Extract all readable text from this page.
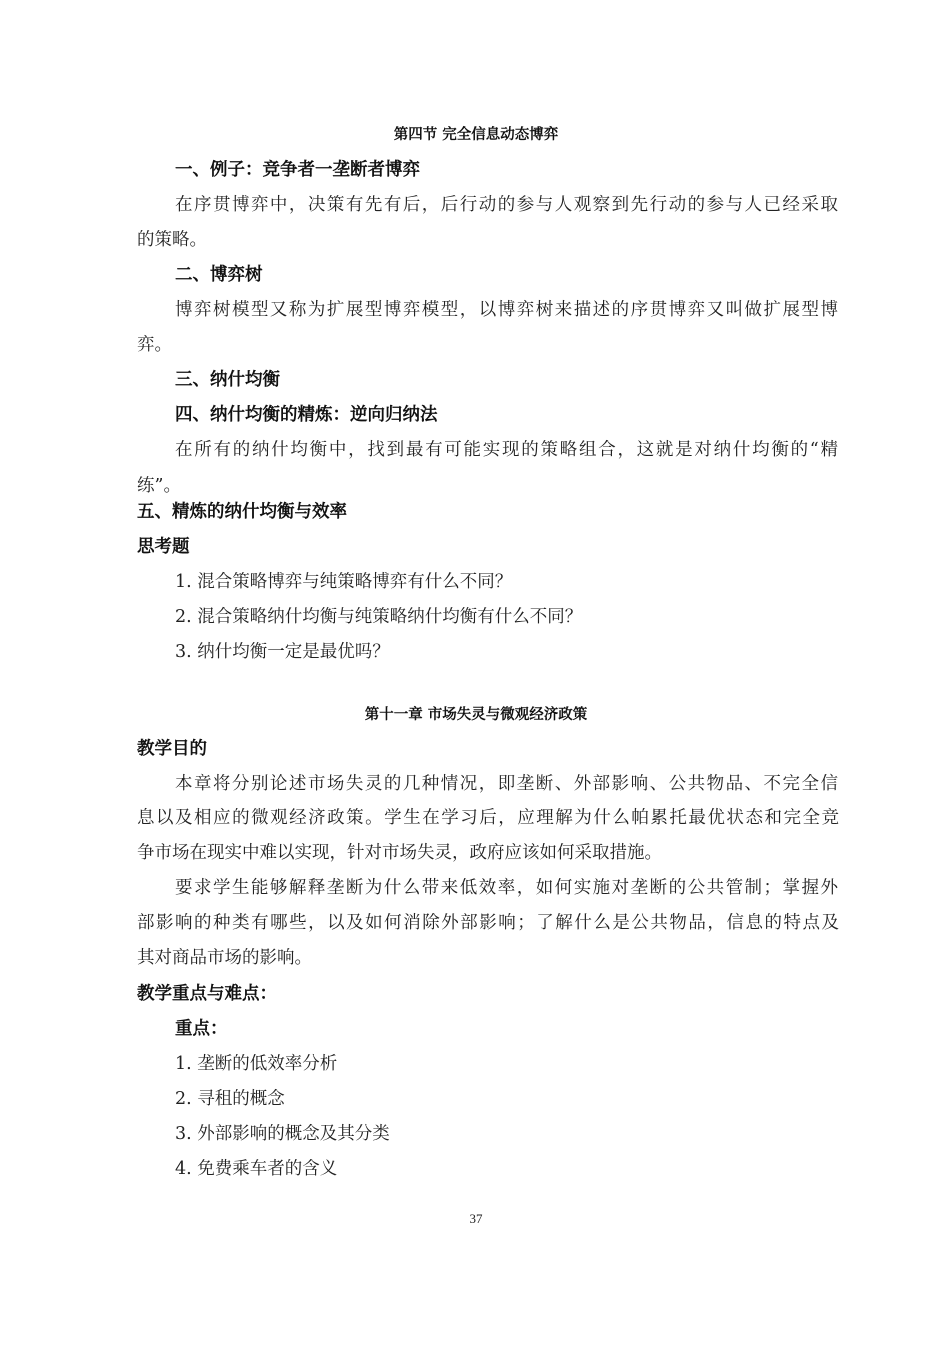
第四节 完全信息动态博弈

一、例子：竞争者一垄断者博弈

在序贯博弈中，决策有先有后，后行动的参与人观察到先行动的参与人已经采取

的策略。

二、博弈树

博弈树模型又称为扩展型博弈模型，以博弈树来描述的序贯博弈又叫做扩展型博

弈。

三、纳什均衡

四、纳什均衡的精炼：逆向归纳法

在所有的纳什均衡中，找到最有可能实现的策略组合，这就是对纳什均衡的“精

练”。

五、精炼的纳什均衡与效率

思考题

1. 混合策略博弈与纯策略博弈有什么不同？

2. 混合策略纳什均衡与纯策略纳什均衡有什么不同？

3. 纳什均衡一定是最优吗？

第十一章 市场失灵与微观经济政策

教学目的

本章将分别论述市场失灵的几种情况，即垄断、外部影响、公共物品、不完全信

息以及相应的微观经济政策。学生在学习后，应理解为什么帕累托最优状态和完全竞

争市场在现实中难以实现，针对市场失灵，政府应该如何采取措施。

要求学生能够解释垄断为什么带来低效率，如何实施对垄断的公共管制；掌握外

部影响的种类有哪些，以及如何消除外部影响；了解什么是公共物品，信息的特点及

其对商品市场的影响。

教学重点与难点：

重点：

1. 垄断的低效率分析

2. 寻租的概念

3. 外部影响的概念及其分类

4. 免费乘车者的含义

37
